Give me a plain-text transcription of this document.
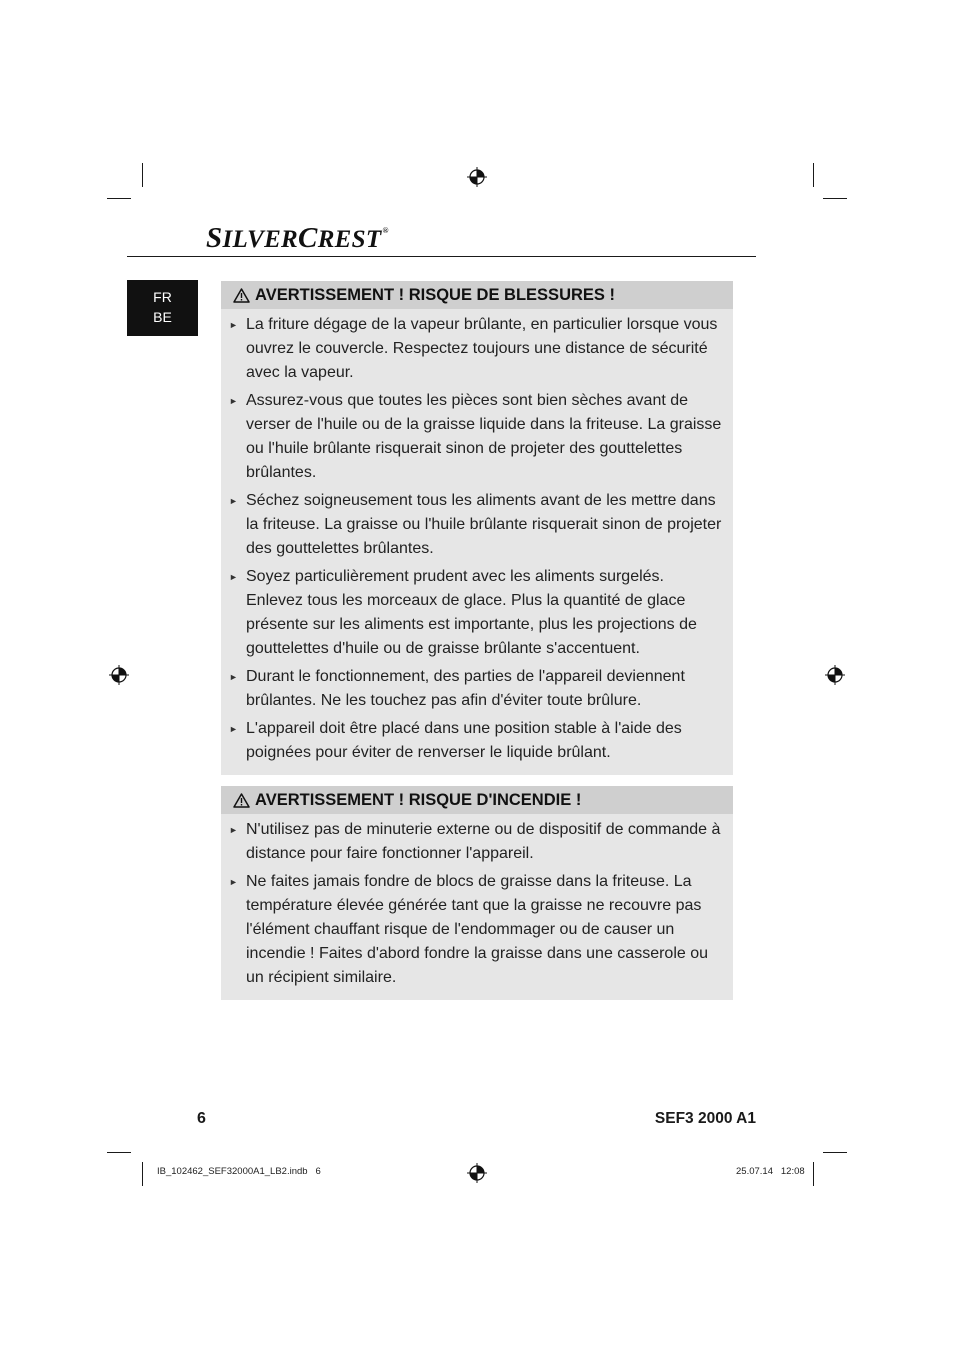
SILVERCREST®
FR
BE
AVERTISSEMENT ! RISQUE DE BLESSURES !
► La friture dégage de la vapeur brûlante, en particulier lorsque vous ouvrez le couvercle. Respectez toujours une distance de sécurité avec la vapeur.
► Assurez-vous que toutes les pièces sont bien sèches avant de verser de l'huile ou de la graisse liquide dans la friteuse. La graisse ou l'huile brûlante risquerait sinon de projeter des gouttelettes brûlantes.
► Séchez soigneusement tous les aliments avant de les mettre dans la friteuse. La graisse ou l'huile brûlante risquerait sinon de projeter des gouttelettes brûlantes.
► Soyez particulièrement prudent avec les aliments surgelés. Enlevez tous les morceaux de glace. Plus la quantité de glace présente sur les aliments est importante, plus les projections de gouttelettes d'huile ou de graisse brûlante s'accentuent.
► Durant le fonctionnement, des parties de l'appareil deviennent brûlantes. Ne les touchez pas afin d'éviter toute brûlure.
► L'appareil doit être placé dans une position stable à l'aide des poignées pour éviter de renverser le liquide brûlant.
AVERTISSEMENT ! RISQUE D'INCENDIE !
► N'utilisez pas de minuterie externe ou de dispositif de commande à distance pour faire fonctionner l'appareil.
► Ne faites jamais fondre de blocs de graisse dans la friteuse. La température élevée générée tant que la graisse ne recouvre pas l'élément chauffant risque de l'endommager ou de causer un incendie ! Faites d'abord fondre la graisse dans une casserole ou un récipient similaire.
6	SEF3 2000 A1
IB_102462_SEF32000A1_LB2.indb   6	25.07.14   12:08
